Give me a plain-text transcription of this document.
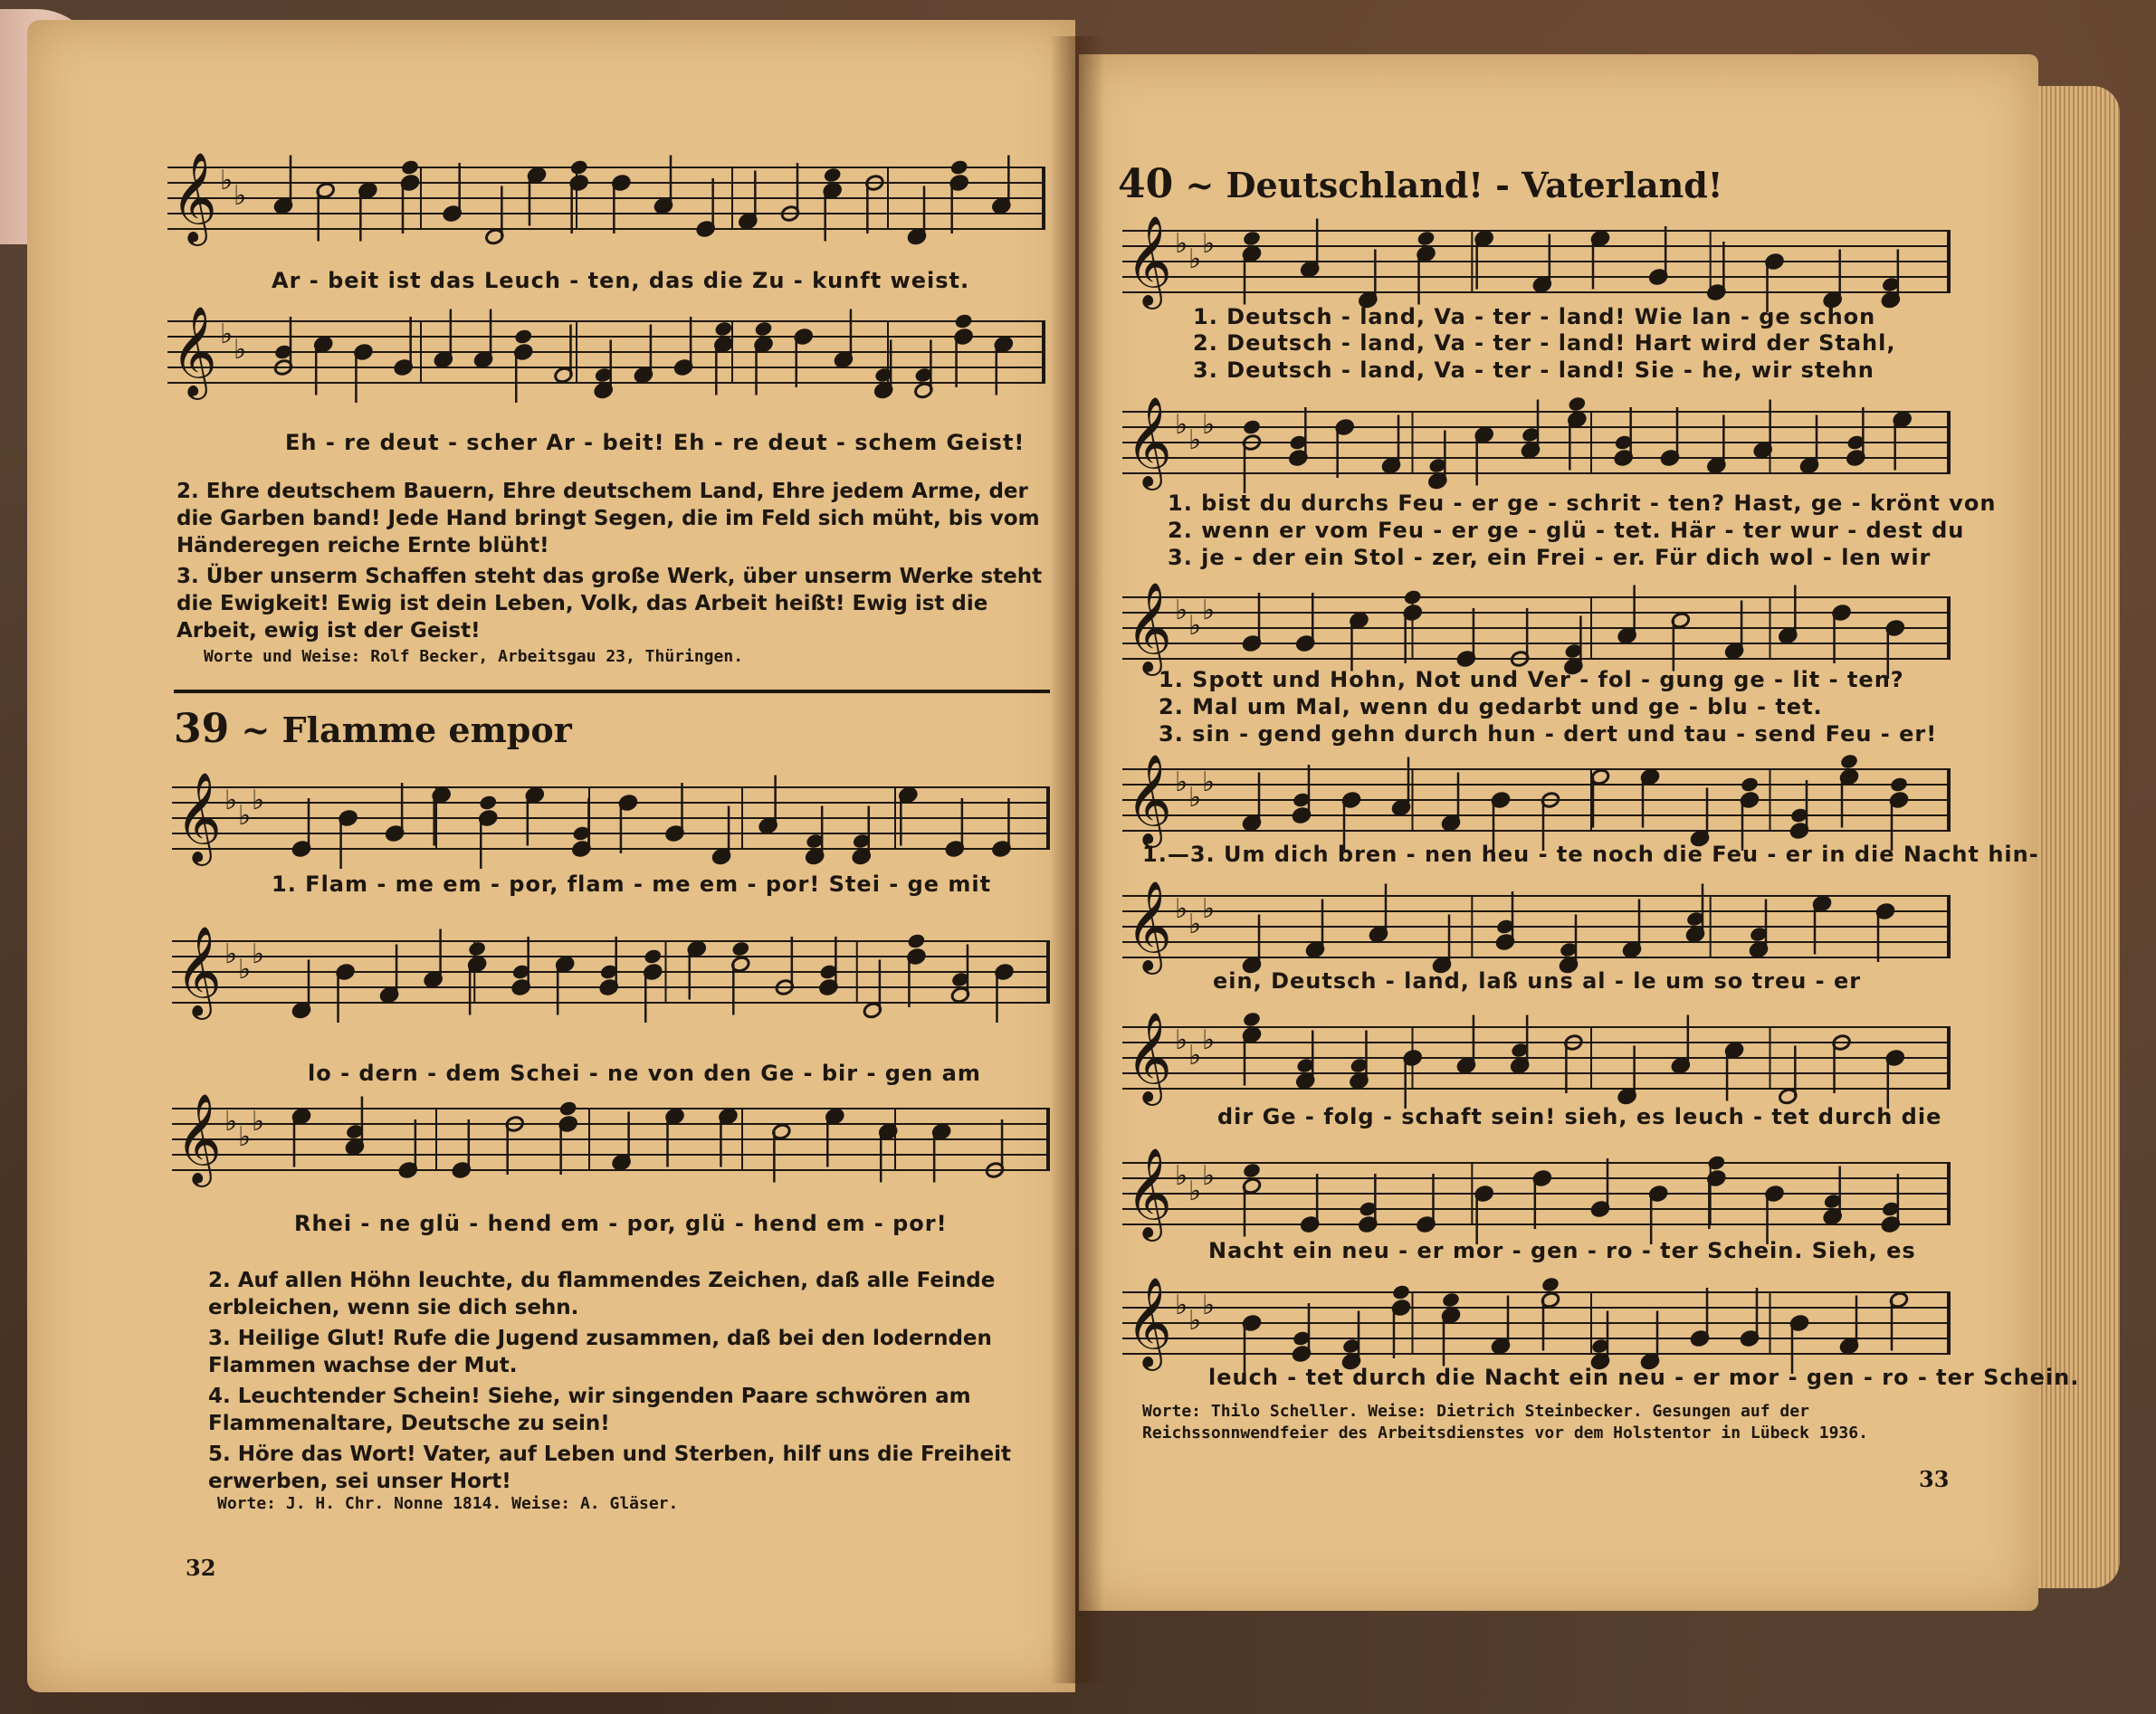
𝄞 ♭ ♭
Ar - beit ist das Leuch - ten, das die Zu - kunft weist.
𝄞 ♭ ♭
Eh - re deut - scher Ar - beit! Eh - re deut - schem Geist!
2. Ehre deutschem Bauern, Ehre deutschem Land, Ehre jedem Arme, der die Garben band! Jede Hand bringt Segen, die im Feld sich müht, bis vom Händeregen reiche Ernte blüht!
3. Über unserm Schaffen steht das große Werk, über unserm Werke steht die Ewigkeit! Ewig ist dein Leben, Volk, das Arbeit heißt! Ewig ist die Arbeit, ewig ist der Geist!
Worte und Weise: Rolf Becker, Arbeitsgau 23, Thüringen.
39 ~ Flamme empor
𝄞 ♭ ♭ ♭
1. Flam - me em - por, flam - me em - por! Stei - ge mit
𝄞 ♭ ♭ ♭
lo - dern - dem Schei - ne von den Ge - bir - gen am
𝄞 ♭ ♭ ♭
Rhei - ne glü - hend em - por, glü - hend em - por!
2. Auf allen Höhn leuchte, du flammendes Zeichen, daß alle Feinde erbleichen, wenn sie dich sehn.
3. Heilige Glut! Rufe die Jugend zusammen, daß bei den lodernden Flammen wachse der Mut.
4. Leuchtender Schein! Siehe, wir singenden Paare schwören am Flammenaltare, Deutsche zu sein!
5. Höre das Wort! Vater, auf Leben und Sterben, hilf uns die Freiheit erwerben, sei unser Hort!
Worte: J. H. Chr. Nonne 1814. Weise: A. Gläser.
32
40 ~ Deutschland! - Vaterland!
𝄞 ♭ ♭ ♭
1. Deutsch - land, Va - ter - land! Wie lan - ge schon
2. Deutsch - land, Va - ter - land! Hart wird der Stahl,
3. Deutsch - land, Va - ter - land! Sie - he, wir stehn
𝄞 ♭ ♭ ♭
1. bist du durchs Feu - er ge - schrit - ten? Hast, ge - krönt von
2. wenn er vom Feu - er ge - glü - tet. Här - ter wur - dest du
3. je - der ein Stol - zer, ein Frei - er. Für dich wol - len wir
𝄞 ♭ ♭ ♭
1. Spott und Hohn, Not und Ver - fol - gung ge - lit - ten?
2. Mal um Mal, wenn du gedarbt und ge - blu - tet.
3. sin - gend gehn durch hun - dert und tau - send Feu - er!
𝄞 ♭ ♭ ♭
1.—3. Um dich bren - nen heu - te noch die Feu - er in die Nacht hin-
𝄞 ♭ ♭ ♭
ein, Deutsch - land, laß uns al - le um so treu - er
𝄞 ♭ ♭ ♭
dir Ge - folg - schaft sein! sieh, es leuch - tet durch die
𝄞 ♭ ♭ ♭
Nacht ein neu - er mor - gen - ro - ter Schein. Sieh, es
𝄞 ♭ ♭ ♭
leuch - tet durch die Nacht ein neu - er mor - gen - ro - ter Schein.
Worte: Thilo Scheller. Weise: Dietrich Steinbecker. Gesungen auf der Reichssonnwendfeier des Arbeitsdienstes vor dem Holstentor in Lübeck 1936.
33
